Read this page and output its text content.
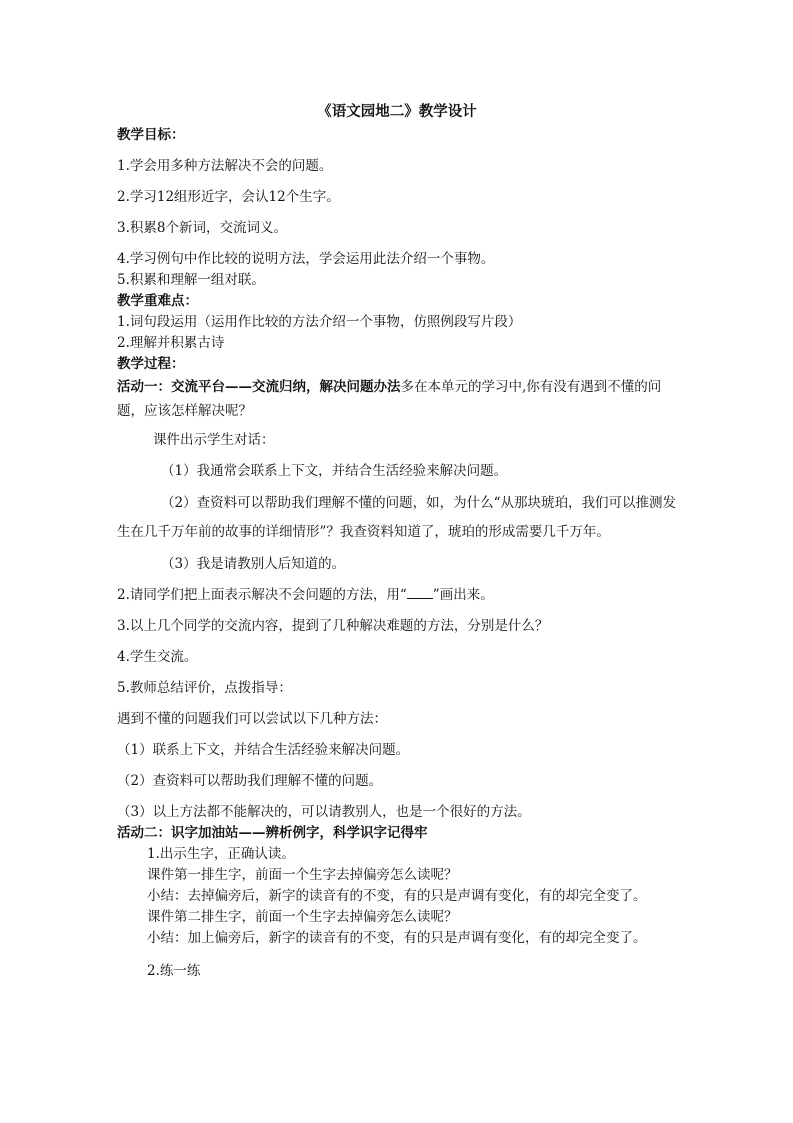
《语文园地二》教学设计

教学目标：

1.学会用多种方法解决不会的问题。

2.学习12组形近字，会认12个生字。

3.积累8个新词，交流词义。

4.学习例句中作比较的说明方法，学会运用此法介绍一个事物。

5.积累和理解一组对联。

教学重难点：

1.词句段运用（运用作比较的方法介绍一个事物，仿照例段写片段）

2.理解并积累古诗

教学过程：

活动一：交流平台——交流归纳，解决问题办法多在本单元的学习中,你有没有遇到不懂的问题，应该怎样解决呢？

课件出示学生对话：

（1）我通常会联系上下文，并结合生活经验来解决问题。

（2）查资料可以帮助我们理解不懂的问题，如，为什么“从那块琥珀，我们可以推测发生在几千万年前的故事的详细情形”？我查资料知道了，琥珀的形成需要几千万年。

（3）我是请教别人后知道的。

2.请同学们把上面表示解决不会问题的方法，用“ ”画出来。

3.以上几个同学的交流内容，提到了几种解决难题的方法，分别是什么？

4.学生交流。

5.教师总结评价，点拨指导：

遇到不懂的问题我们可以尝试以下几种方法：

（1）联系上下文，并结合生活经验来解决问题。

（2）查资料可以帮助我们理解不懂的问题。

（3）以上方法都不能解决的，可以请教别人，也是一个很好的方法。

活动二：识字加油站——辨析例字，科学识字记得牢

1.出示生字，正确认读。

课件第一排生字，前面一个生字去掉偏旁怎么读呢？

小结：去掉偏旁后，新字的读音有的不变，有的只是声调有变化，有的却完全变了。

课件第二排生字，前面一个生字去掉偏旁怎么读呢？

小结：加上偏旁后，新字的读音有的不变，有的只是声调有变化，有的却完全变了。

2.练一练
